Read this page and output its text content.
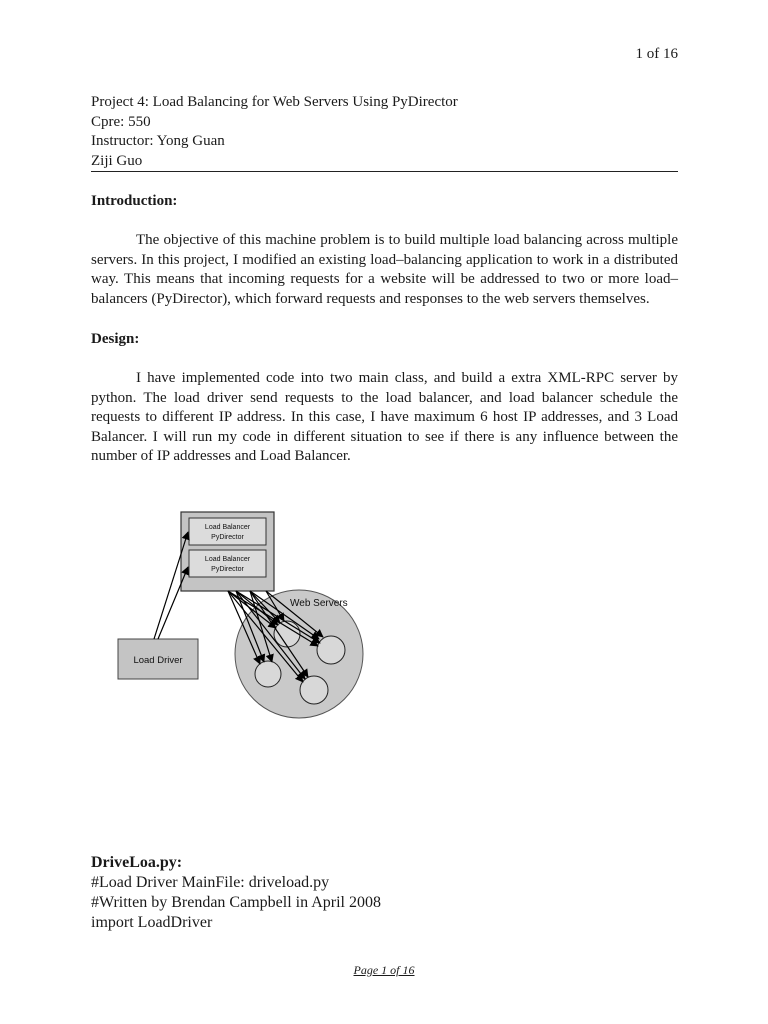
1 of 16
Project 4: Load Balancing for Web Servers Using PyDirector
Cpre: 550
Instructor: Yong Guan
Ziji Guo
Introduction:

The objective of this machine problem is to build multiple load balancing across multiple servers. In this project, I modified an existing load–balancing application to work in a distributed way. This means that incoming requests for a website will be addressed to two or more load–balancers (PyDirector), which forward requests and responses to the web servers themselves.

Design:

I have implemented code into two main class, and build a extra XML-RPC server by python. The load driver send requests to the load balancer, and load balancer schedule the requests to different IP address. In this case, I have maximum 6 host IP addresses, and 3 Load Balancer. I will run my code in different situation to see if there is any influence between the number of IP addresses and Load Balancer.

Web Servers
Load Balancer
PyDirector
Load Balancer
PyDirector
Load Driver
DriveLoa.py:
#Load Driver MainFile: driveload.py
#Written by Brendan Campbell in April 2008
import LoadDriver
Page 1 of 16
